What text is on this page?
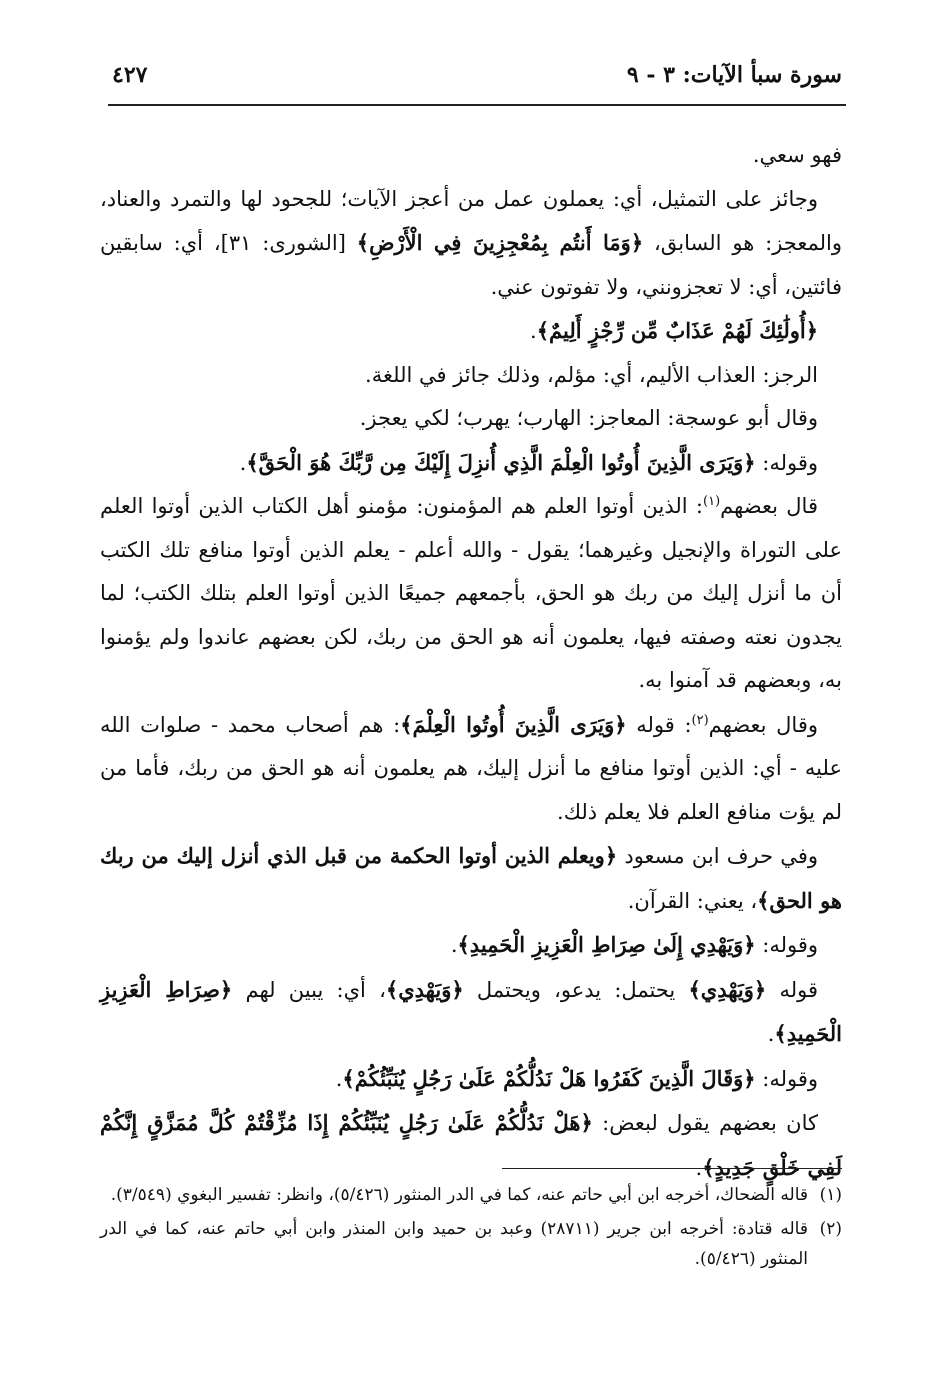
سورة سبأ الآيات: ٣ - ٩
٤٢٧

فهو سعي.

وجائز على التمثيل، أي: يعملون عمل من أعجز الآيات؛ للجحود لها والتمرد والعناد، والمعجز: هو السابق، ﴿وَمَا أَنتُم بِمُعْجِزِينَ فِي الْأَرْضِ﴾ [الشورى: ٣١]، أي: سابقين فائتين، أي: لا تعجزونني، ولا تفوتون عني.

﴿أُولَٰئِكَ لَهُمْ عَذَابٌ مِّن رِّجْزٍ أَلِيمٌ﴾.

الرجز: العذاب الأليم، أي: مؤلم، وذلك جائز في اللغة.

وقال أبو عوسجة: المعاجز: الهارب؛ يهرب؛ لكي يعجز.

وقوله: ﴿وَيَرَى الَّذِينَ أُوتُوا الْعِلْمَ الَّذِي أُنزِلَ إِلَيْكَ مِن رَّبِّكَ هُوَ الْحَقَّ﴾.

قال بعضهم$^{(١)}$: الذين أوتوا العلم هم المؤمنون: مؤمنو أهل الكتاب الذين أوتوا العلم على التوراة والإنجيل وغيرهما؛ يقول - والله أعلم - يعلم الذين أوتوا منافع تلك الكتب أن ما أنزل إليك من ربك هو الحق، بأجمعهم جميعًا الذين أوتوا العلم بتلك الكتب؛ لما يجدون نعته وصفته فيها، يعلمون أنه هو الحق من ربك، لكن بعضهم عاندوا ولم يؤمنوا به، وبعضهم قد آمنوا به.

وقال بعضهم$^{(٢)}$: قوله ﴿وَيَرَى الَّذِينَ أُوتُوا الْعِلْمَ﴾: هم أصحاب محمد - صلوات الله عليه - أي: الذين أوتوا منافع ما أنزل إليك، هم يعلمون أنه هو الحق من ربك، فأما من لم يؤت منافع العلم فلا يعلم ذلك.

وفي حرف ابن مسعود ﴿ويعلم الذين أوتوا الحكمة من قبل الذي أنزل إليك من ربك هو الحق﴾، يعني: القرآن.

وقوله: ﴿وَيَهْدِي إِلَىٰ صِرَاطِ الْعَزِيزِ الْحَمِيدِ﴾.

قوله ﴿وَيَهْدِي﴾ يحتمل: يدعو، ويحتمل ﴿وَيَهْدِي﴾، أي: يبين لهم ﴿صِرَاطِ الْعَزِيزِ الْحَمِيدِ﴾.

وقوله: ﴿وَقَالَ الَّذِينَ كَفَرُوا هَلْ نَدُلُّكُمْ عَلَىٰ رَجُلٍ يُنَبِّئُكُمْ﴾.

كان بعضهم يقول لبعض: ﴿هَلْ نَدُلُّكُمْ عَلَىٰ رَجُلٍ يُنَبِّئُكُمْ إِذَا مُزِّقْتُمْ كُلَّ مُمَزَّقٍ إِنَّكُمْ لَفِي خَلْقٍ جَدِيدٍ﴾.

(١)
قاله الضحاك، أخرجه ابن أبي حاتم عنه، كما في الدر المنثور (٥/٤٢٦)، وانظر: تفسير البغوي (٣/٥٤٩).
(٢)
قاله قتادة: أخرجه ابن جرير (٢٨٧١١) وعبد بن حميد وابن المنذر وابن أبي حاتم عنه، كما في الدر المنثور (٥/٤٢٦).
